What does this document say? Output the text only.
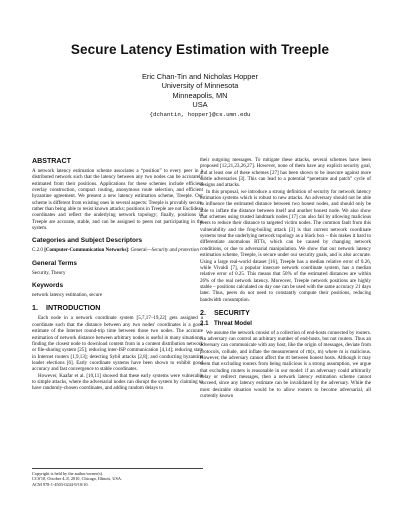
Secure Latency Estimation with Treeple
Eric Chan-Tin and Nicholas Hopper
University of Minnesota
Minneapolis, MN
USA
{dchantin, hopper}@cs.umn.edu
ABSTRACT

A network latency estimation scheme associates a “position” to every peer in a distributed network such that the latency between any two nodes can be accurately estimated from their positions. Applications for these schemes include efficient overlay construction, compact routing, anonymous route selection, and efficient byzantine agreement. We present a new latency estimation scheme, Treeple. Our scheme is different from existing ones in several aspects: Treeple is provably secure, rather than being able to resist known attacks; positions in Treeple are not Euclidean coordinates and reflect the underlying network topology; finally, positions in Treeple are accurate, stable, and can be assigned to peers not participating in the system.

Categories and Subject Descriptors

C.2.0 [Computer-Communication Networks]: General—Security and protection

General Terms

Security, Theory

Keywords

network latency estimation, secure

1. INTRODUCTION

Each node in a network coordinate system [5,7,17–19,22] gets assigned a coordinate such that the distance between any two nodes' coordinates is a good estimate of the Internet round-trip time between those two nodes. The accurate estimation of network distance between arbitrary nodes is useful in many situations: finding the closest node to download content from in a content distribution network or file-sharing system [25]; reducing inter-ISP communication [4,14]; reducing state in Internet routers [1,9,13]; detecting Sybil attacks [2,8]; and conducting byzantine leader elections [6]. Early coordinate systems have been shown to exhibit good accuracy and fast convergence to stable coordinates.

However, Kaafar et al. [10,11] showed that these early systems were vulnerable to simple attacks, where the adversarial nodes can disrupt the system by claiming to have randomly-chosen coordinates, and adding random delays to

Copyright is held by the author/owner(s).
CCS'10, October 4–8, 2010, Chicago, Illinois, USA.
ACM 978-1-4503-0244-9/10/10.

their outgoing messages. To mitigate these attacks, several schemes have been proposed [12,21,23,26,27]. However, none of them have any explicit security goal, and at least one of these schemes [27] has been shown to be insecure against more subtle adversaries [3]. This can lead to a potential “penetrate and patch” cycle of designs and attacks.

In this proposal, we introduce a strong definition of security for network latency estimation systems which is robust to new attacks. An adversary should not be able to influence the estimated distance between two honest nodes, and should only be able to inflate the distance between itself and another honest node. We also show that schemes using trusted landmark nodes [17] can also fail by allowing malicious peers to reduce their distance to targeted victim nodes. The common fault from this vulnerability and the frog-boiling attack [3] is that current network coordinate systems treat the underlying network topology as a black box – this makes it hard to differentiate anomalous RTTs, which can be caused by changing network conditions, or due to adversarial manipulation. We show that our network latency estimation scheme, Treeple, is secure under our security goals, and is also accurate. Using a large real-world dataset [16], Treeple has a median relative error of 0.26, while Vivaldi [7], a popular insecure network coordinate system, has a median relative error of 0.25. This means that 50% of the estimated distances are within 26% of the real network latency. Moreover, Treeple network positions are highly stable – positions calculated on day one can be used with the same accuracy 21 days later. Thus, peers do not need to constantly compute their positions, reducing bandwidth consumption.

2. SECURITY
2.1 Threat Model

We assume the network consist of a collection of end-hosts connected by routers. An adversary can control an arbitrary number of end-hosts, but not routers. Thus an adversary can communicate with any host, like the origin of messages, deviate from protocols, collude, and inflate the measurement of rtt(x, m) where m is malicious. However, the adversary cannot affect the rtt between honest hosts. Although it may seem that excluding routers from being malicious is a strong assumption, we argue that excluding routers is reasonable in our model: if an adversary could arbitrarily delay or redirect messages, then a network latency estimation scheme cannot succeed, since any latency estimate can be invalidated by the adversary. While the most desirable situation would be to allow routers to become adversarial, all currently known
